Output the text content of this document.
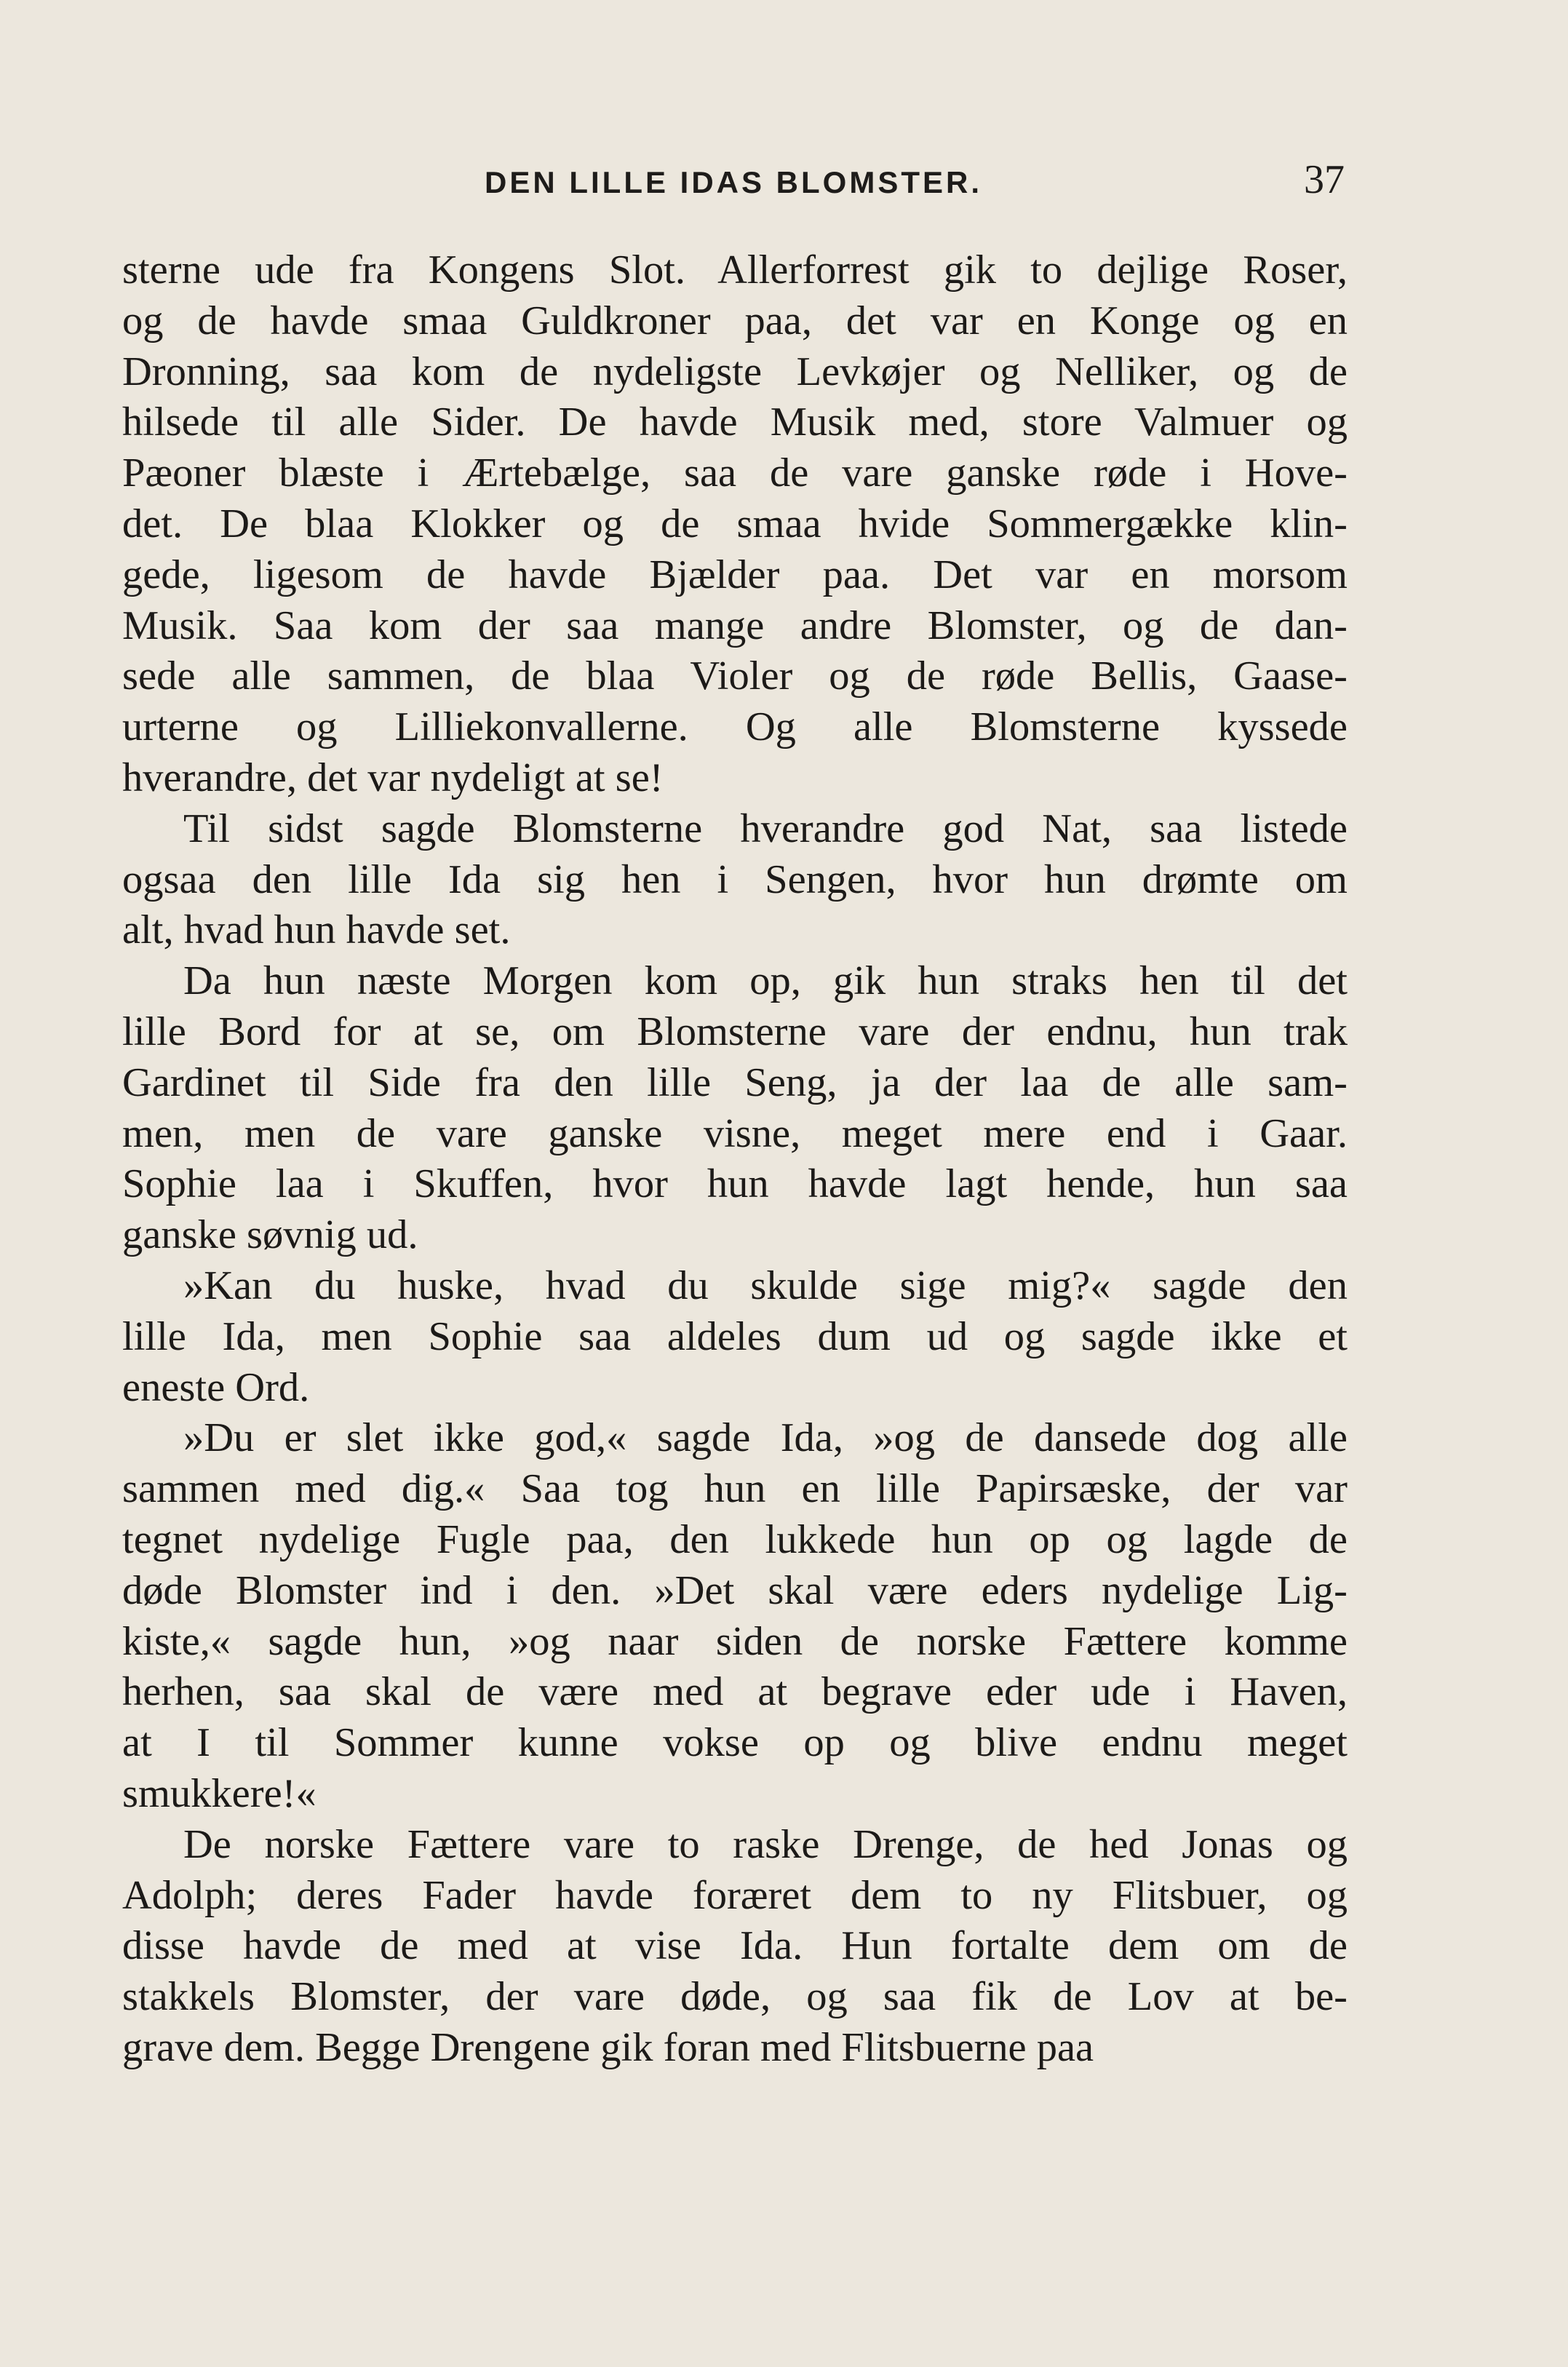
DEN LILLE IDAS BLOMSTER.	37

sterne ude fra Kongens Slot. Allerforrest gik to dejlige Roser,
og de havde smaa Guldkroner paa, det var en Konge og en
Dronning, saa kom de nydeligste Levkøjer og Nelliker, og de
hilsede til alle Sider. De havde Musik med, store Valmuer og
Pæoner blæste i Ærtebælge, saa de vare ganske røde i Hove-
det. De blaa Klokker og de smaa hvide Sommergække klin-
gede, ligesom de havde Bjælder paa. Det var en morsom
Musik. Saa kom der saa mange andre Blomster, og de dan-
sede alle sammen, de blaa Violer og de røde Bellis, Gaase-
urterne og Lilliekonvallerne. Og alle Blomsterne kyssede
hverandre, det var nydeligt at se!

Til sidst sagde Blomsterne hverandre god Nat, saa listede
ogsaa den lille Ida sig hen i Sengen, hvor hun drømte om
alt, hvad hun havde set.

Da hun næste Morgen kom op, gik hun straks hen til det
lille Bord for at se, om Blomsterne vare der endnu, hun trak
Gardinet til Side fra den lille Seng, ja der laa de alle sam-
men, men de vare ganske visne, meget mere end i Gaar.
Sophie laa i Skuffen, hvor hun havde lagt hende, hun saa
ganske søvnig ud.

»Kan du huske, hvad du skulde sige mig?« sagde den
lille Ida, men Sophie saa aldeles dum ud og sagde ikke et
eneste Ord.

»Du er slet ikke god,« sagde Ida, »og de dansede dog alle
sammen med dig.« Saa tog hun en lille Papirsæske, der var
tegnet nydelige Fugle paa, den lukkede hun op og lagde de
døde Blomster ind i den. »Det skal være eders nydelige Lig-
kiste,« sagde hun, »og naar siden de norske Fættere komme
herhen, saa skal de være med at begrave eder ude i Haven,
at I til Sommer kunne vokse op og blive endnu meget
smukkere!«

De norske Fættere vare to raske Drenge, de hed Jonas og
Adolph; deres Fader havde foræret dem to ny Flitsbuer, og
disse havde de med at vise Ida. Hun fortalte dem om de
stakkels Blomster, der vare døde, og saa fik de Lov at be-
grave dem. Begge Drengene gik foran med Flitsbuerne paa
